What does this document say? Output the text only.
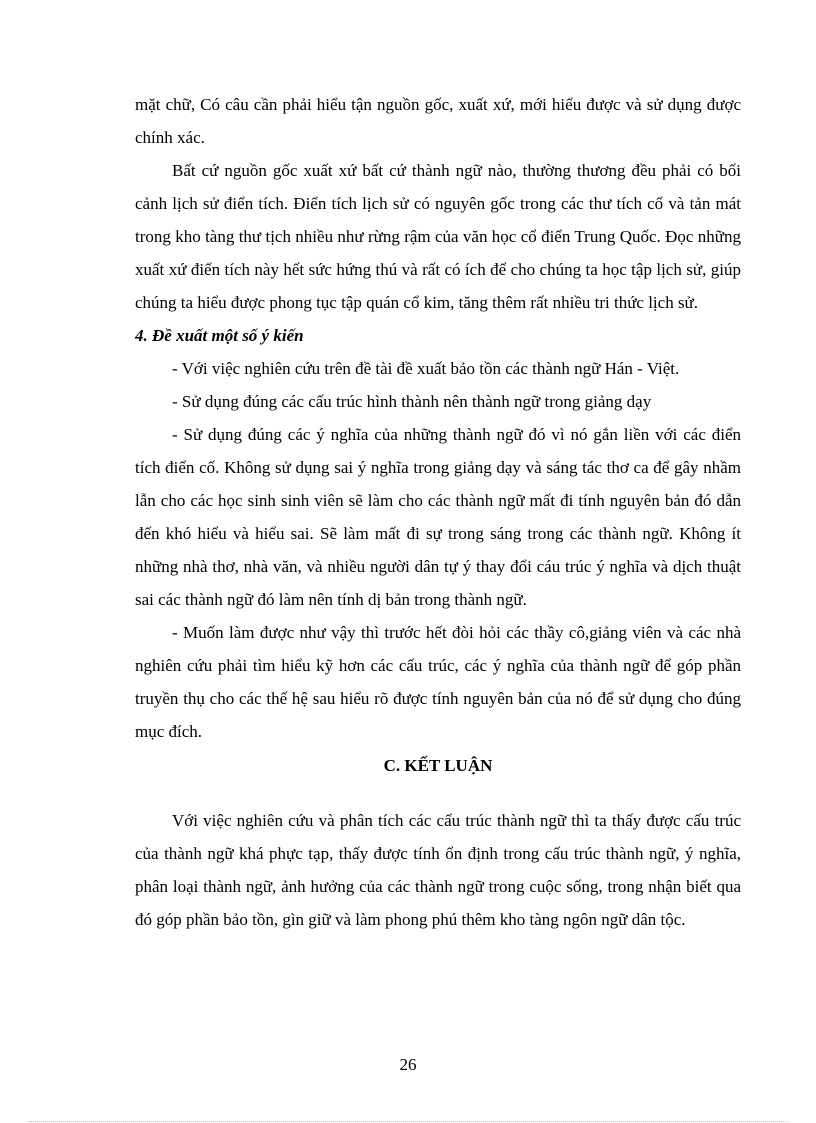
mặt chữ, Có câu cần phải hiểu tận nguồn gốc, xuất xứ, mới hiểu được và sử dụng được chính xác.

Bất cứ nguồn gốc xuất xứ bất cứ thành ngữ nào, thường thương đều phải có bối cảnh lịch sử điển tích. Điển tích lịch sử có nguyên gốc trong các thư tích cổ và tản mát trong kho tàng thư tịch nhiều như rừng rậm của văn học cổ điển Trung Quốc. Đọc những xuất xứ điển tích này hết sức hứng thú và rất có ích để cho chúng ta học tập lịch sử, giúp chúng ta hiểu được phong tục tập quán cổ kim, tăng thêm rất nhiều tri thức lịch sử.

4. Đề xuất một số ý kiến

- Với việc nghiên cứu trên đề tài đề xuất bảo tồn các thành ngữ Hán - Việt.

- Sử dụng đúng các cấu trúc hình thành nên thành ngữ trong giảng dạy

- Sử dụng đúng các ý nghĩa của những thành ngữ đó vì nó gắn liền với các điển tích điển cố. Không sử dụng sai ý nghĩa trong giảng dạy và sáng tác thơ ca để gây nhầm lẫn cho các học sinh sinh viên sẽ làm cho các thành ngữ mất đi tính nguyên bản đó dẫn đến khó hiểu và hiểu sai. Sẽ làm mất đi sự trong sáng trong các thành ngữ. Không ít những nhà thơ, nhà văn, và nhiều người dân tự ý thay đổi cáu trúc ý nghĩa và dịch thuật sai các thành ngữ đó làm nên tính dị bản trong thành ngữ.

- Muốn làm được như vậy thì trước hết đòi hỏi các thầy cô,giảng viên và các nhà nghiên cứu phải tìm hiểu kỹ hơn các cấu trúc, các ý nghĩa của thành ngữ để góp phần truyền thụ cho các thế hệ sau hiểu rõ được tính nguyên bản của nó để sử dụng cho đúng mục đích.

C. KẾT LUẬN

Với việc nghiên cứu và phân tích các cấu trúc thành ngữ thì ta thấy được cấu trúc của thành ngữ khá phực tạp, thấy được tính ổn định trong cấu trúc thành ngữ, ý nghĩa, phân loại thành ngữ, ảnh hưởng của các thành ngữ trong cuộc sống, trong nhận biết qua đó góp phần bảo tồn, gìn giữ và làm phong phú thêm kho tàng ngôn ngữ dân tộc.

26
